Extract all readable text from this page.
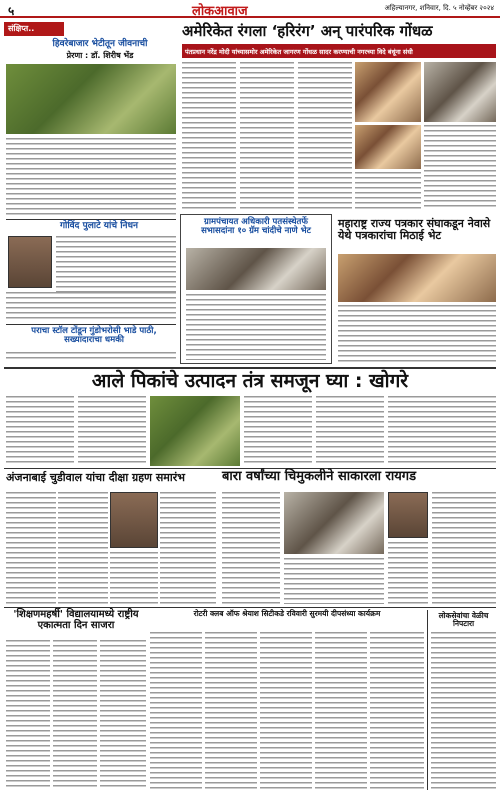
५	लोकआवाज	अहिल्यानगर, शनिवार, दि. ५ नोव्हेंबर २०२४
संक्षिप्त..
हिवरेबाजार भेटीतून जीवनाची
प्रेरणा : डॉ. शिरीष भेंड
गोविंद पुलाटे यांचे निधन
पराचा स्टॉल टोंडून गुंडोभरोसी भाडे पाठी, सख्यादाराचा धमकी
अमेरिकेत रंगला ‘हरिरंग’ अन् पारंपरिक गोंधळ
पंतप्रधान नरेंद्र मोदी यांच्यासमोर अमेरिकेत जागरण गोंधळ सादर करण्याची नगरच्या विदे बंधूंना संधी
ग्रामपंचायत अधिकारी पतसंस्थेतर्फे सभासदांना १० ग्रॅम चांदीचे नाणे भेट
महाराष्ट्र राज्य पत्रकार संघाकडून नेवासे येथे पत्रकारांचा मिठाई भेट
आले पिकांचे उत्पादन तंत्र समजून घ्या : खोगरे
अंजनाबाई चुडीवाल यांचा दीक्षा ग्रहण समारंभ	बारा वर्षांच्या चिमुकलीने साकारला रायगड
'शिक्षणमहर्षी' विद्यालयामध्ये राष्ट्रीय एकात्मता दिन साजरा
रोटरी क्लब ऑफ श्रेयाश सिटीकडे रविवारी सुरमयी दीपसंध्या कार्यक्रम	लोकसेवांचा वेळीच निपटारा
